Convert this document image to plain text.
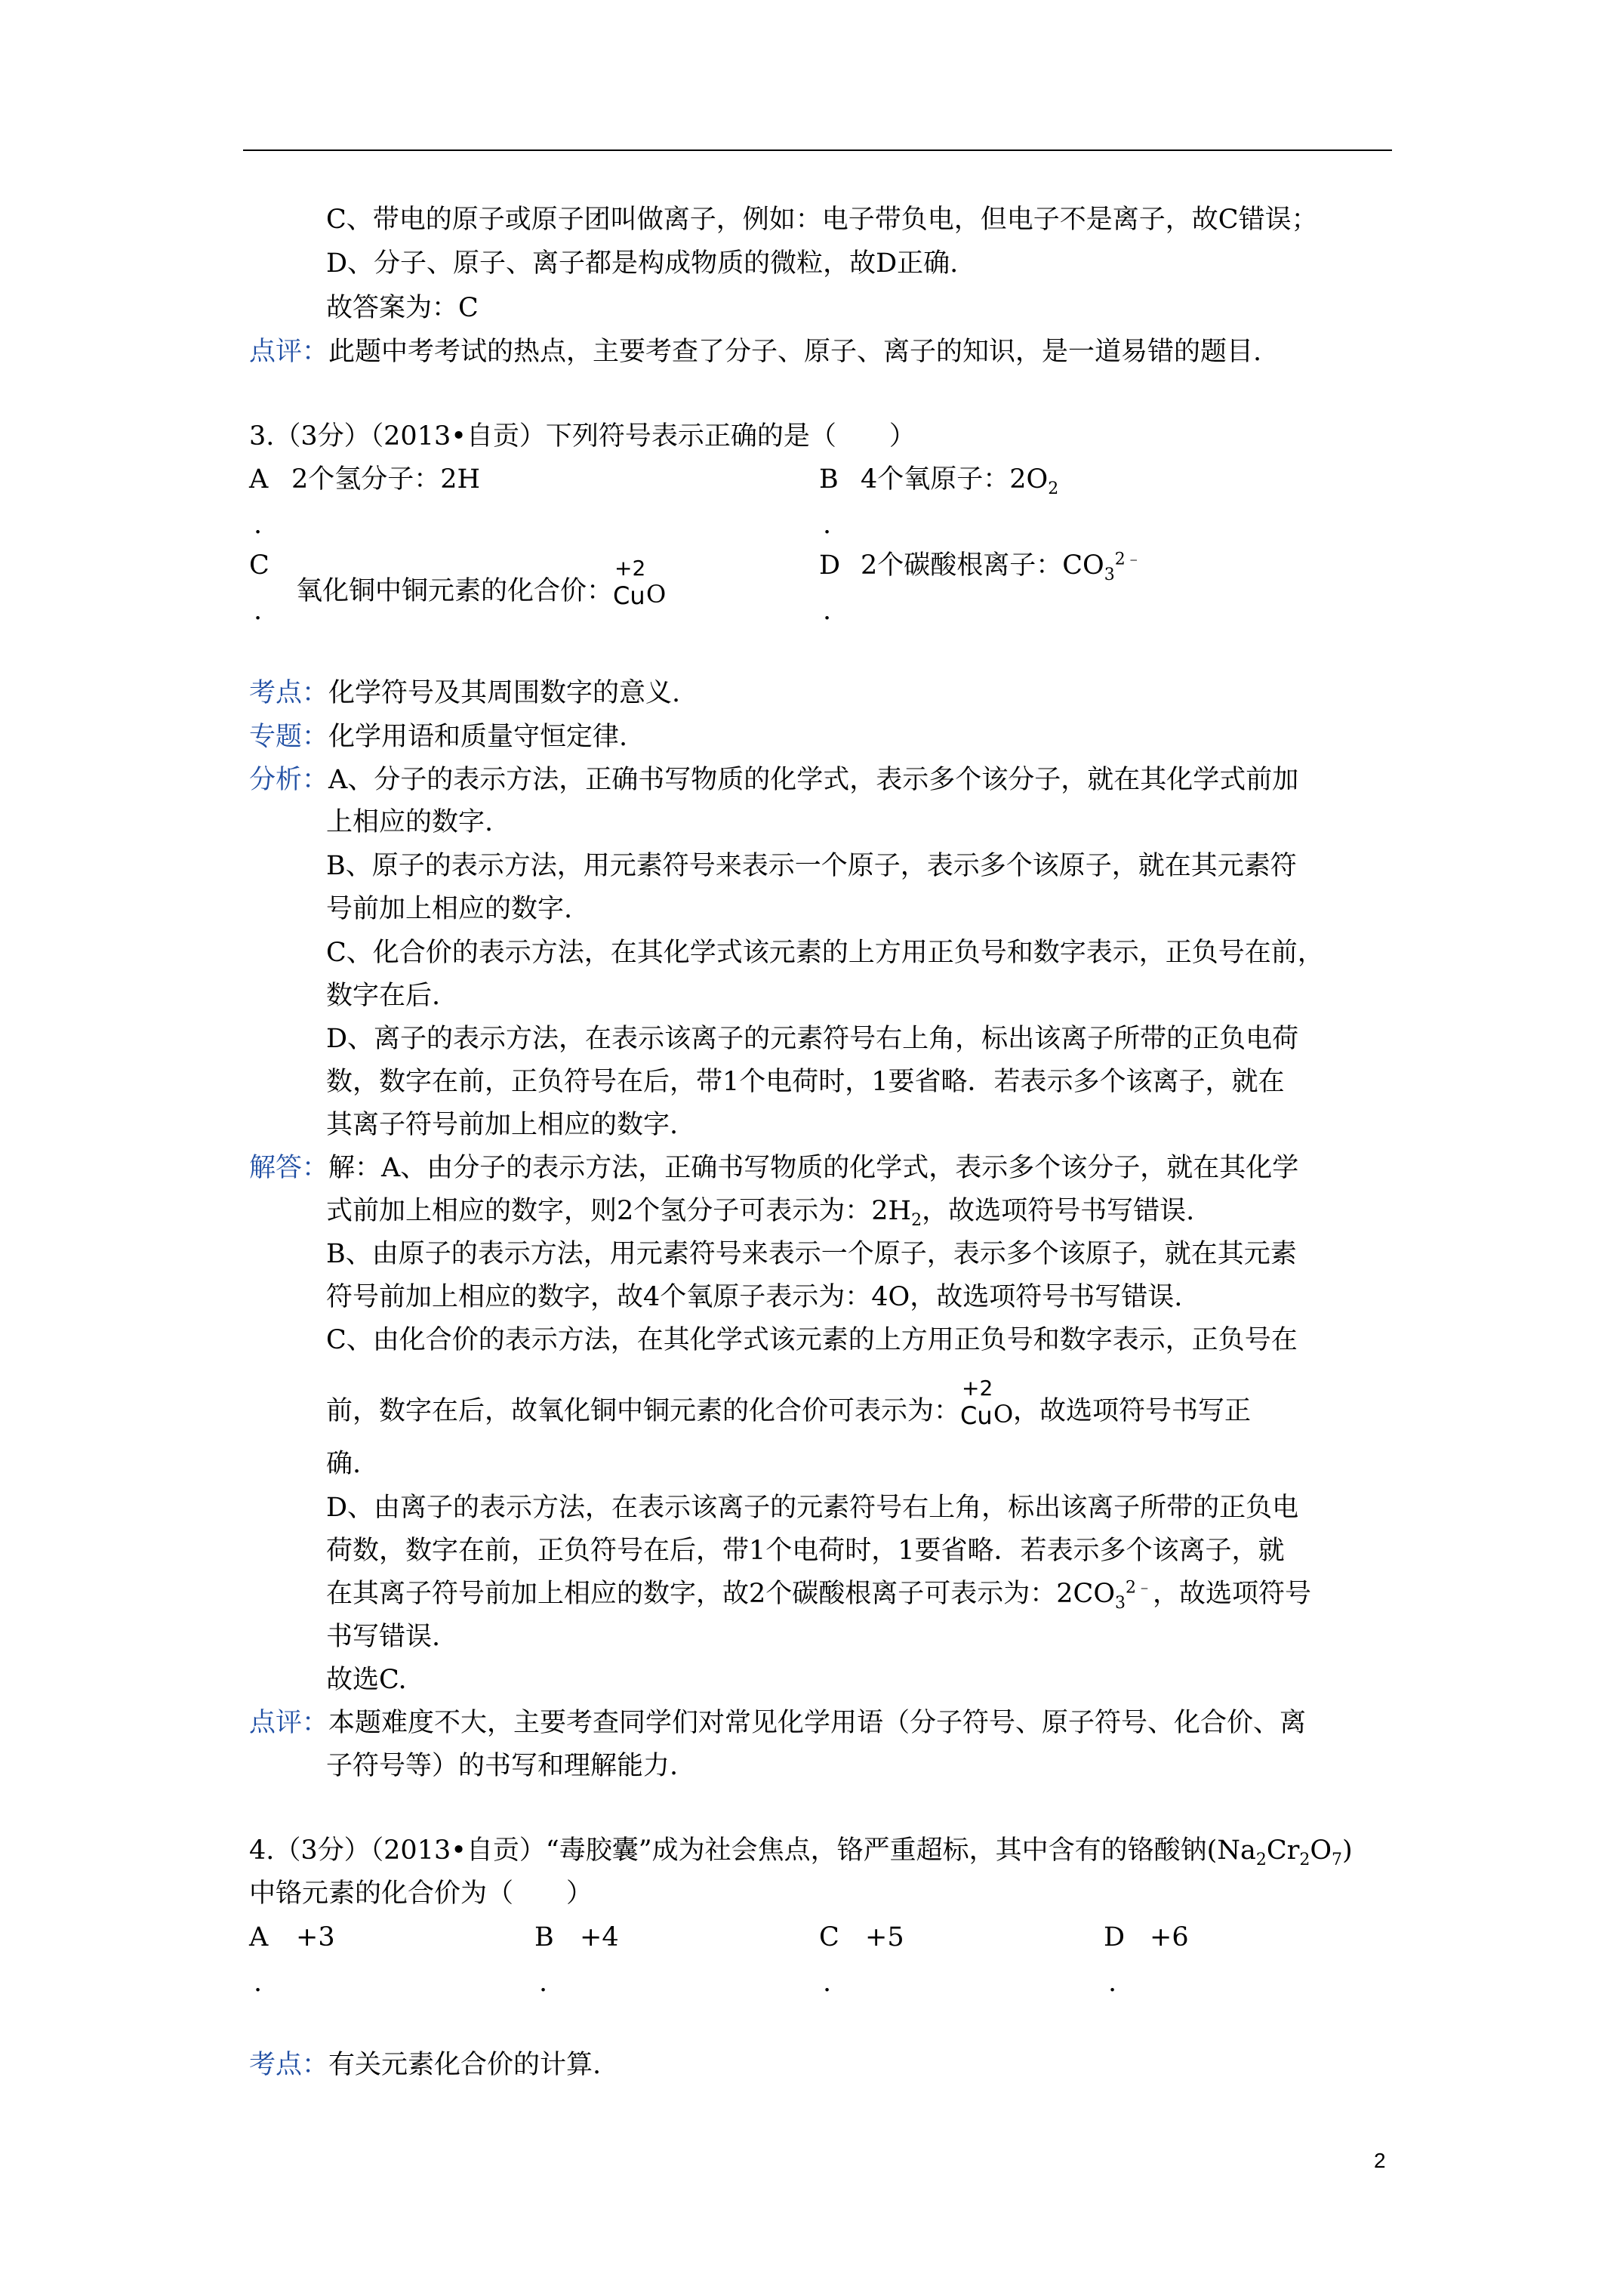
C、带电的原子或原子团叫做离子，例如：电子带负电，但电子不是离子，故C错误；
D、分子、原子、离子都是构成物质的微粒，故D正确.
故答案为：C
点评：此题中考考试的热点，主要考查了分子、原子、离子的知识，是一道易错的题目.
3.（3分）（2013•自贡）下列符号表示正确的是（　　）
A 2个氢分子：2H
.
B 4个氧原子：$2O_2$
.
C
氧化铜中铜元素的化合价：
+2
Cu O
.
D 2个碳酸根离子：$CO_3^{2﹣}$
.
考点：化学符号及其周围数字的意义.
专题：化学用语和质量守恒定律.
分析：A、分子的表示方法，正确书写物质的化学式，表示多个该分子，就在其化学式前加
上相应的数字.
B、原子的表示方法，用元素符号来表示一个原子，表示多个该原子，就在其元素符
号前加上相应的数字.
C、化合价的表示方法，在其化学式该元素的上方用正负号和数字表示，正负号在前，
数字在后.
D、离子的表示方法，在表示该离子的元素符号右上角，标出该离子所带的正负电荷
数，数字在前，正负符号在后，带1个电荷时，1要省略．若表示多个该离子，就在
其离子符号前加上相应的数字.
解答：解：A、由分子的表示方法，正确书写物质的化学式，表示多个该分子，就在其化学
式前加上相应的数字，则2个氢分子可表示为：$2H_2$，故选项符号书写错误.
B、由原子的表示方法，用元素符号来表示一个原子，表示多个该原子，就在其元素
符号前加上相应的数字，故4个氧原子表示为：4O，故选项符号书写错误.
C、由化合价的表示方法，在其化学式该元素的上方用正负号和数字表示，正负号在
前，数字在后，故氧化铜中铜元素的化合价可表示为：
+2
Cu O ，故选项符号书写正
确.
D、由离子的表示方法，在表示该离子的元素符号右上角，标出该离子所带的正负电
荷数，数字在前，正负符号在后，带1个电荷时，1要省略．若表示多个该离子，就
在其离子符号前加上相应的数字，故2个碳酸根离子可表示为：$2CO_3^{2﹣}$，故选项符号
书写错误.
故选C.
点评：本题难度不大，主要考查同学们对常见化学用语（分子符号、原子符号、化合价、离
子符号等）的书写和理解能力.
4.（3分）（2013•自贡）“毒胶囊”成为社会焦点，铬严重超标，其中含有的铬酸钠$(Na_2Cr_2O_7)$
中铬元素的化合价为（　　）
A +3
.
B +4
.
C +5
.
D +6
.
考点：有关元素化合价的计算.
2
